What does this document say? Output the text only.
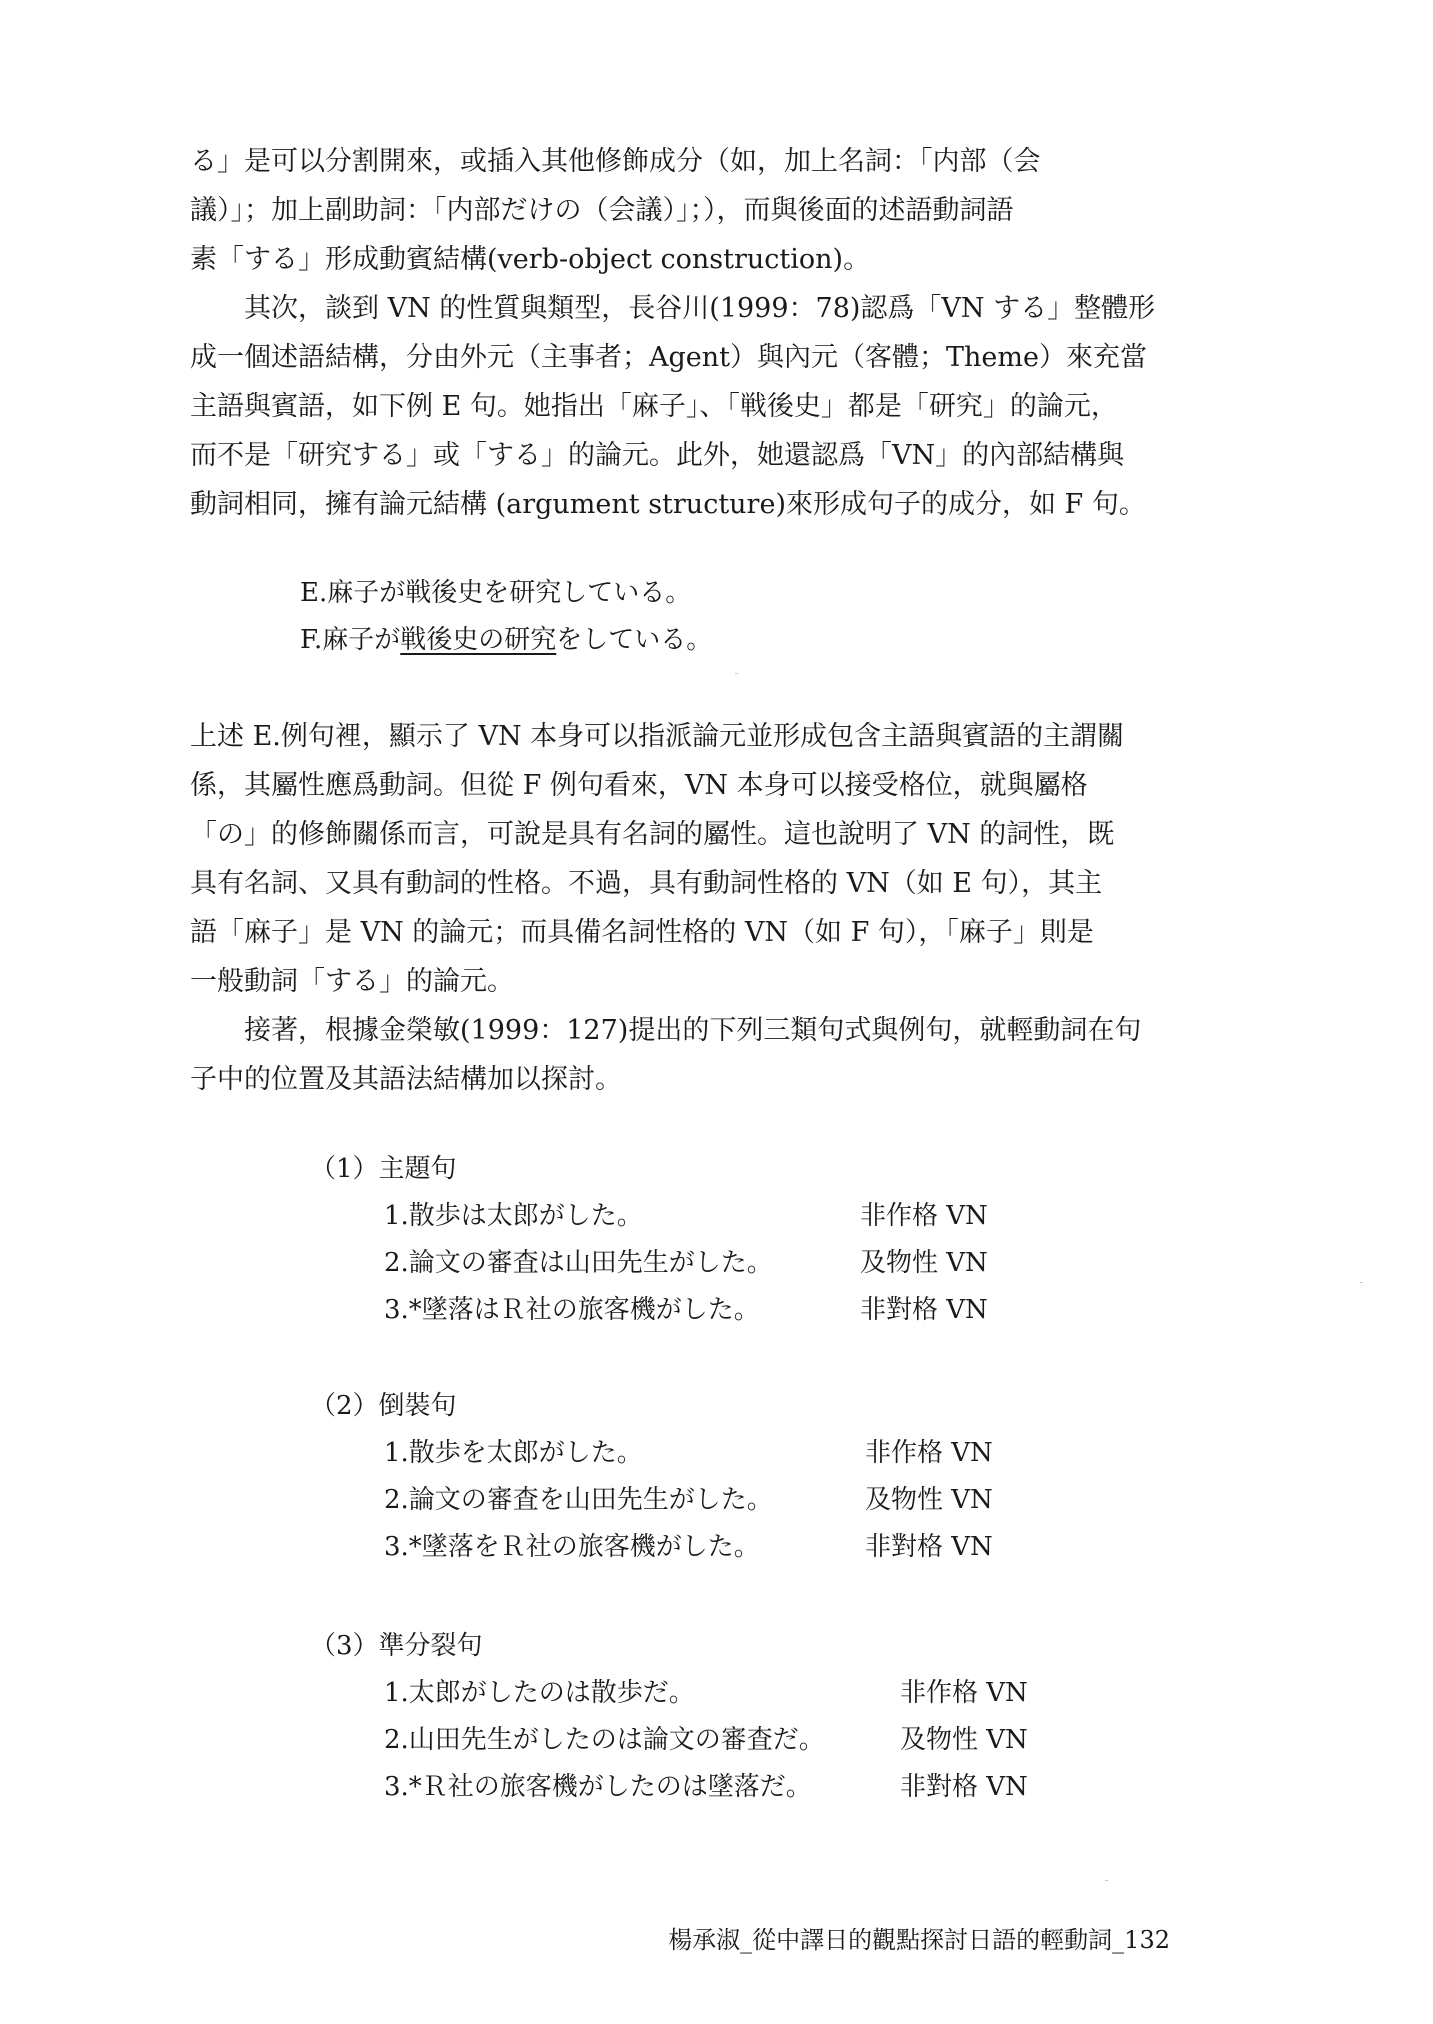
る」是可以分割開來，或插入其他修飾成分（如，加上名詞：「内部（会
議）」；加上副助詞：「内部だけの（会議）」；），而與後面的述語動詞語
素「する」形成動賓結構(verb-object construction)。
其次，談到 VN 的性質與類型，長谷川(1999：78)認爲「VN する」整體形
成一個述語結構，分由外元（主事者；Agent）與內元（客體；Theme）來充當
主語與賓語，如下例 E 句。她指出「麻子」、「戦後史」都是「研究」的論元，
而不是「研究する」或「する」的論元。此外，她還認爲「VN」的內部結構與
動詞相同，擁有論元結構 (argument structure)來形成句子的成分，如 F 句。
E.麻子が戦後史を研究している。
F.麻子が戦後史の研究をしている。
上述 E.例句裡，顯示了 VN 本身可以指派論元並形成包含主語與賓語的主謂關
係，其屬性應爲動詞。但從 F 例句看來，VN 本身可以接受格位，就與屬格
「の」的修飾關係而言，可說是具有名詞的屬性。這也說明了 VN 的詞性，既
具有名詞、又具有動詞的性格。不過，具有動詞性格的 VN（如 E 句），其主
語「麻子」是 VN 的論元；而具備名詞性格的 VN（如 F 句），「麻子」則是
一般動詞「する」的論元。
接著，根據金榮敏(1999：127)提出的下列三類句式與例句，就輕動詞在句
子中的位置及其語法結構加以探討。
（1）主題句
1.散歩は太郎がした。	非作格 VN
2.論文の審査は山田先生がした。	及物性 VN
3.*墜落はＲ社の旅客機がした。	非對格 VN
（2）倒裝句
1.散歩を太郎がした。	非作格 VN
2.論文の審査を山田先生がした。	及物性 VN
3.*墜落をＲ社の旅客機がした。	非對格 VN
（3）準分裂句
1.太郎がしたのは散歩だ。	非作格 VN
2.山田先生がしたのは論文の審査だ。	及物性 VN
3.*Ｒ社の旅客機がしたのは墜落だ。	非對格 VN
楊承淑_從中譯日的觀點探討日語的輕動詞_132
